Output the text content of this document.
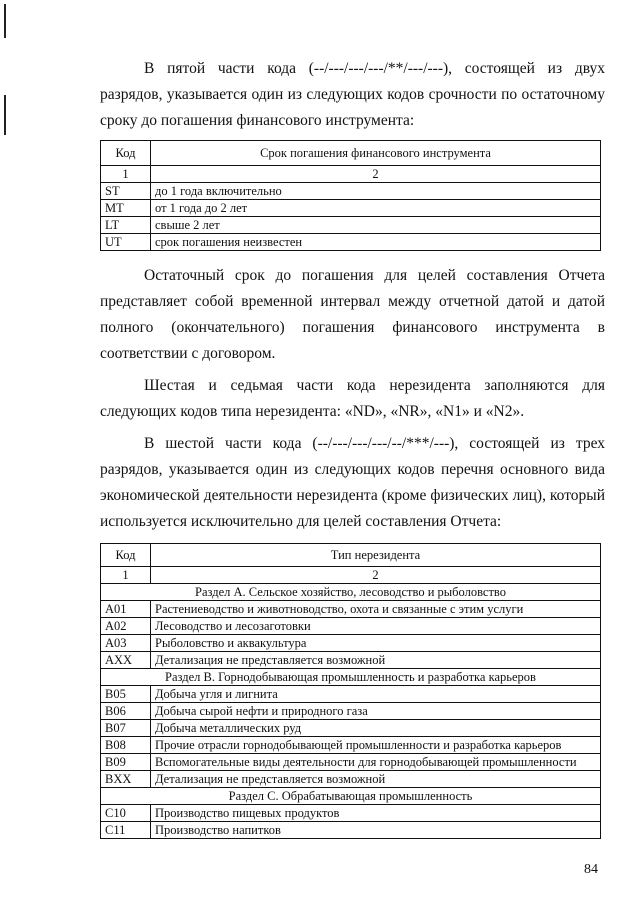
В пятой части кода (--/---/---/---/**/---/---), состоящей из двух разрядов, указывается один из следующих кодов срочности по остаточному сроку до погашения финансового инструмента:

Код	Срок погашения финансового инструмента
1	2
ST	до 1 года включительно
MT	от 1 года до 2 лет
LT	свыше 2 лет
UT	срок погашения неизвестен

Остаточный срок до погашения для целей составления Отчета представляет собой временной интервал между отчетной датой и датой полного (окончательного) погашения финансового инструмента в соответствии с договором.

Шестая и седьмая части кода нерезидента заполняются для следующих кодов типа нерезидента: «ND», «NR», «N1» и «N2».

В шестой части кода (--/---/---/---/--/***/---), состоящей из трех разрядов, указывается один из следующих кодов перечня основного вида экономической деятельности нерезидента (кроме физических лиц), который используется исключительно для целей составления Отчета:

Код	Тип нерезидента
1	2
Раздел А. Сельское хозяйство, лесоводство и рыболовство	
A01	Растениеводство и животноводство, охота и связанные с этим услуги
A02	Лесоводство и лесозаготовки
A03	Рыболовство и аквакультура
AXX	Детализация не представляется возможной
Раздел В. Горнодобывающая промышленность и разработка карьеров	
B05	Добыча угля и лигнита
B06	Добыча сырой нефти и природного газа
B07	Добыча металлических руд
B08	Прочие отрасли горнодобывающей промышленности и разработка карьеров
B09	Вспомогательные виды деятельности для горнодобывающей промышленности
BXX	Детализация не представляется возможной
Раздел С. Обрабатывающая промышленность	
C10	Производство пищевых продуктов
C11	Производство напитков
84
